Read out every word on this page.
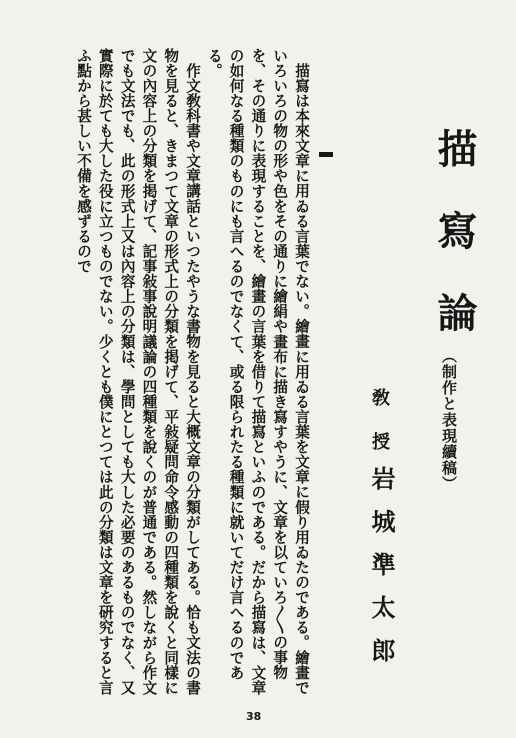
描寫論
（制作と表現續稿）
敎授
岩城準太郎

描寫は本來文章に用ゐる言葉でない。繪畫に用ゐる言葉を文章に假り用ゐたのである。繪畫でいろいろの物の形や色をその通りに繪絹や畫布に描き寫すやうに、文章を以ていろ〳〵の事物を、その通りに表現することを、繪畫の言葉を借りて描寫といふのである。だから描寫は、文章の如何なる種類のものにも言へるのでなくて、或る限られたる種類に就いてだけ言へるのである。

作文敎科書や文章講話といつたやうな書物を見ると大概文章の分類がしてある。恰も文法の書物を見ると、きまつて文章の形式上の分類を掲げて、平敍疑問命令感動の四種類を說くと同樣に文の內容上の分類を掲げて、記事敍事說明議論の四種類を說くのが普通である。然しながら作文でも文法でも、此の形式上又は內容上の分類は、學問としても大した必要のあるものでなく、又實際に於ても大した役に立つものでない。少くとも僕にとつては此の分類は文章を硏究すると言ふ點から甚しい不備を感ずるので

38
